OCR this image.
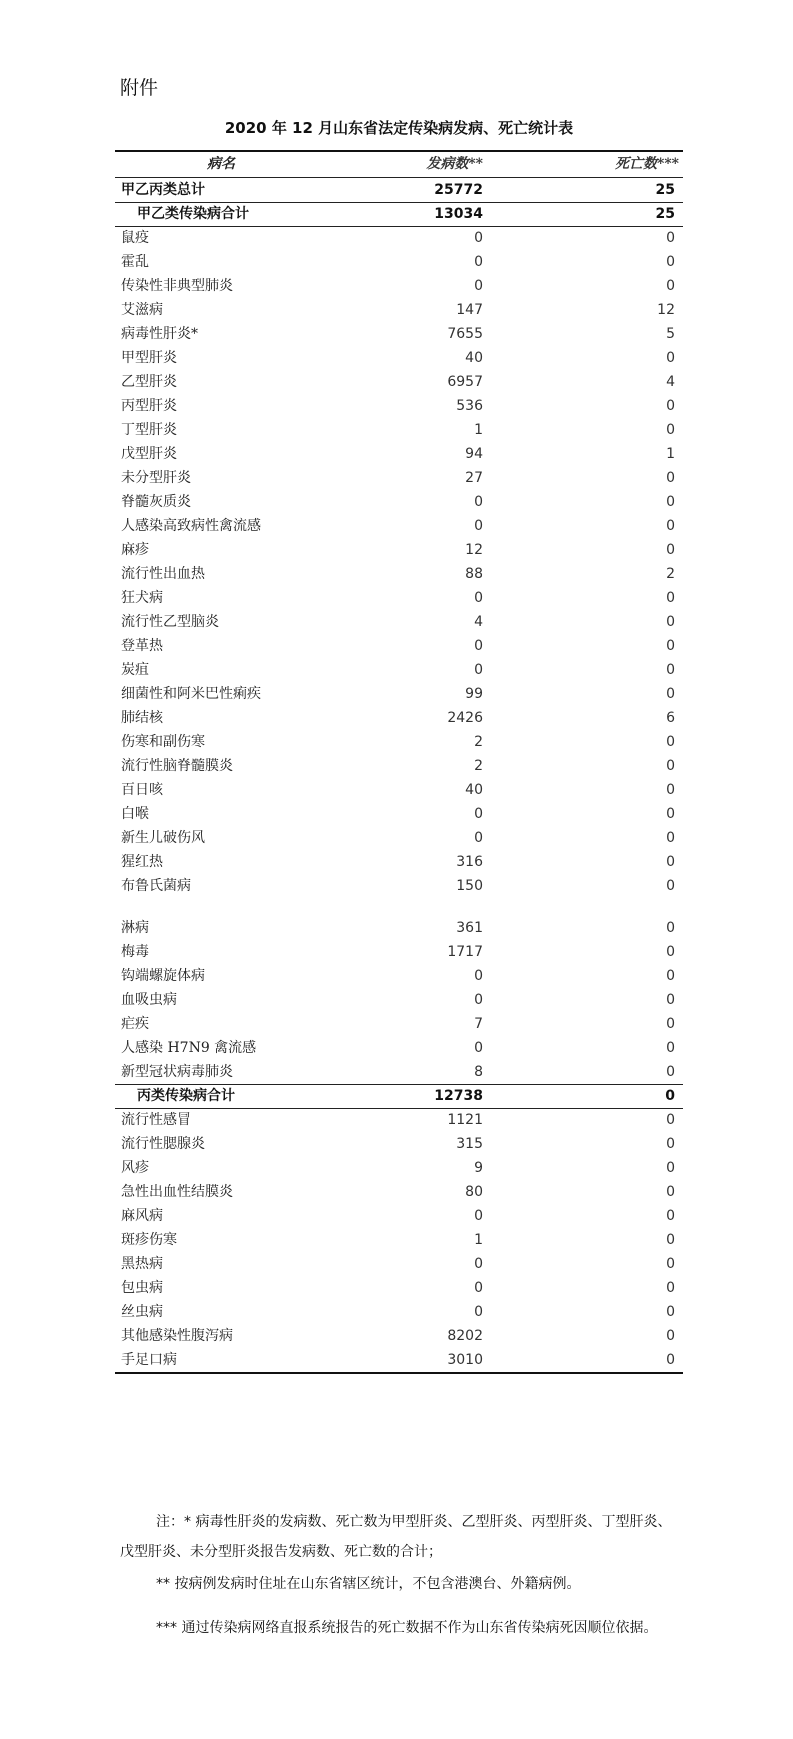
附件
2020 年 12 月山东省法定传染病发病、死亡统计表
病名	发病数**	死亡数***
甲乙丙类总计	25772	25
甲乙类传染病合计	13034	25
鼠疫	0	0
霍乱	0	0
传染性非典型肺炎	0	0
艾滋病	147	12
病毒性肝炎*	7655	5
甲型肝炎	40	0
乙型肝炎	6957	4
丙型肝炎	536	0
丁型肝炎	1	0
戊型肝炎	94	1
未分型肝炎	27	0
脊髓灰质炎	0	0
人感染高致病性禽流感	0	0
麻疹	12	0
流行性出血热	88	2
狂犬病	0	0
流行性乙型脑炎	4	0
登革热	0	0
炭疽	0	0
细菌性和阿米巴性痢疾	99	0
肺结核	2426	6
伤寒和副伤寒	2	0
流行性脑脊髓膜炎	2	0
百日咳	40	0
白喉	0	0
新生儿破伤风	0	0
猩红热	316	0
布鲁氏菌病	150	0
淋病	361	0
梅毒	1717	0
钩端螺旋体病	0	0
血吸虫病	0	0
疟疾	7	0
人感染 H7N9 禽流感	0	0
新型冠状病毒肺炎	8	0
丙类传染病合计	12738	0
流行性感冒	1121	0
流行性腮腺炎	315	0
风疹	9	0
急性出血性结膜炎	80	0
麻风病	0	0
斑疹伤寒	1	0
黑热病	0	0
包虫病	0	0
丝虫病	0	0
其他感染性腹泻病	8202	0
手足口病	3010	0

注：* 病毒性肝炎的发病数、死亡数为甲型肝炎、乙型肝炎、丙型肝炎、丁型肝炎、戊型肝炎、未分型肝炎报告发病数、死亡数的合计；

** 按病例发病时住址在山东省辖区统计，不包含港澳台、外籍病例。

*** 通过传染病网络直报系统报告的死亡数据不作为山东省传染病死因顺位依据。
